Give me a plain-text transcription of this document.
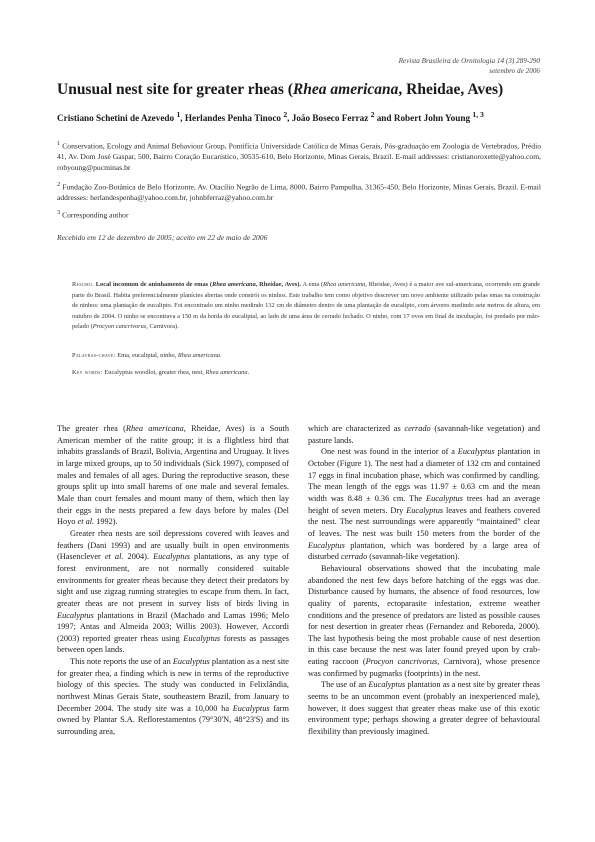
Revista Brasileira de Ornitologia 14 (3) 289-290
setembro de 2006
Unusual nest site for greater rheas (Rhea americana, Rheidae, Aves)
Cristiano Schetini de Azevedo $^1$, Herlandes Penha Tinoco $^2$, João Boseco Ferraz $^2$ and Robert John Young $^{1, 3}$
$^1$ Conservation, Ecology and Animal Behaviour Group, Pontifícia Universidade Católica de Minas Gerais, Pós-graduação em Zoologia de Vertebrados, Prédio 41, Av. Dom José Gaspar, 500, Bairro Coração Eucarístico, 30535-610, Belo Horizonte, Minas Gerais, Brazil. E-mail addresses: cristianoroxette@yahoo.com, robyoung@pucminas.br
$^2$ Fundação Zoo-Botânica de Belo Horizonte, Av. Otacílio Negrão de Lima, 8000, Bairro Pampulha, 31365-450, Belo Horizonte, Minas Gerais, Brazil. E-mail addresses: herlandespenha@yahoo.com.br, johnbferraz@yahoo.com.br
$^3$ Corresponding author
Recebido em 12 de dezembro de 2005; aceito em 22 de maio de 2006

Resumo. Local incomum de aninhamento de emas (Rhea americana, Rheidae, Aves). A ema (Rhea americana, Rheidae, Aves) é a maior ave sul-americana, ocorrendo em grande parte do Brasil. Habita preferencialmente planícies abertas onde constrói os ninhos. Este trabalho tem como objetivo descrever um novo ambiente utilizado pelas emas na construção de ninhos: uma plantação de eucalipto. Foi encontrado um ninho medindo 132 cm de diâmetro dentro de uma plantação de eucalipto, com árvores medindo sete metros de altura, em outubro de 2004. O ninho se encontrava a 150 m da borda do eucaliptal, ao lado de uma área de cerrado fechado. O ninho, com 17 ovos em final de incubação, foi predado por mão-pelado (Procyon cancrivorus, Carnivora).

Palavras-chave: Ema, eucaliptal, ninho, Rhea americana.
Key words: Eucalyptus woodlot, greater rhea, nest, Rhea americana.

The greater rhea (Rhea americana, Rheidae, Aves) is a South American member of the ratite group; it is a flightless bird that inhabits grasslands of Brazil, Bolivia, Argentina and Uruguay. It lives in large mixed groups, up to 50 individuals (Sick 1997), composed of males and females of all ages. During the reproductive season, these groups split up into small harems of one male and several females. Male than court females and mount many of them, which then lay their eggs in the nests prepared a few days before by males (Del Hoyo et al. 1992).

Greater rhea nests are soil depressions covered with leaves and feathers (Dani 1993) and are usually built in open environments (Hasenclever et al. 2004). Eucalyptus plantations, as any type of forest environment, are not normally considered suitable environments for greater rheas because they detect their predators by sight and use zigzag running strategies to escape from them. In fact, greater rheas are not present in survey lists of birds living in Eucalyptus plantations in Brazil (Machado and Lamas 1996; Melo 1997; Antas and Almeida 2003; Willis 2003). However, Accordi (2003) reported greater rheas using Eucalyptus forests as passages between open lands.

This note reports the use of an Eucalyptus plantation as a nest site for greater rhea, a finding which is new in terms of the reproductive biology of this species. The study was conducted in Felixlândia, northwest Minas Gerais State, southeastern Brazil, from January to December 2004. The study site was a 10,000 ha Eucalyptus farm owned by Plantar S.A. Reflorestamentos (79°30'N, 48°23'S) and its surrounding area,

which are characterized as cerrado (savannah-like vegetation) and pasture lands.

One nest was found in the interior of a Eucalyptus plantation in October (Figure 1). The nest had a diameter of 132 cm and contained 17 eggs in final incubation phase, which was confirmed by candling. The mean length of the eggs was 11.97 ± 0.63 cm and the mean width was 8.48 ± 0.36 cm. The Eucalyptus trees had an average height of seven meters. Dry Eucalyptus leaves and feathers covered the nest. The nest surroundings were apparently “maintained” clear of leaves. The nest was built 150 meters from the border of the Eucalyptus plantation, which was bordered by a large area of disturbed cerrado (savannah-like vegetation).

Behavioural observations showed that the incubating male abandoned the nest few days before hatching of the eggs was due. Disturbance caused by humans, the absence of food resources, low quality of parents, ectoparasite infestation, extreme weather conditions and the presence of predators are listed as possible causes for nest desertion in greater rheas (Fernandez and Reboreda, 2000). The last hypothesis being the most probable cause of nest desertion in this case because the nest was later found preyed upon by crab-eating raccoon (Procyon cancrivorus, Carnivora), whose presence was confirmed by pugmarks (footprints) in the nest.

The use of an Eucalyptus plantation as a nest site by greater rheas seems to be an uncommon event (probably an inexperienced male), however, it does suggest that greater rheas make use of this exotic environment type; perhaps showing a greater degree of behavioural flexibility than previously imagined.
